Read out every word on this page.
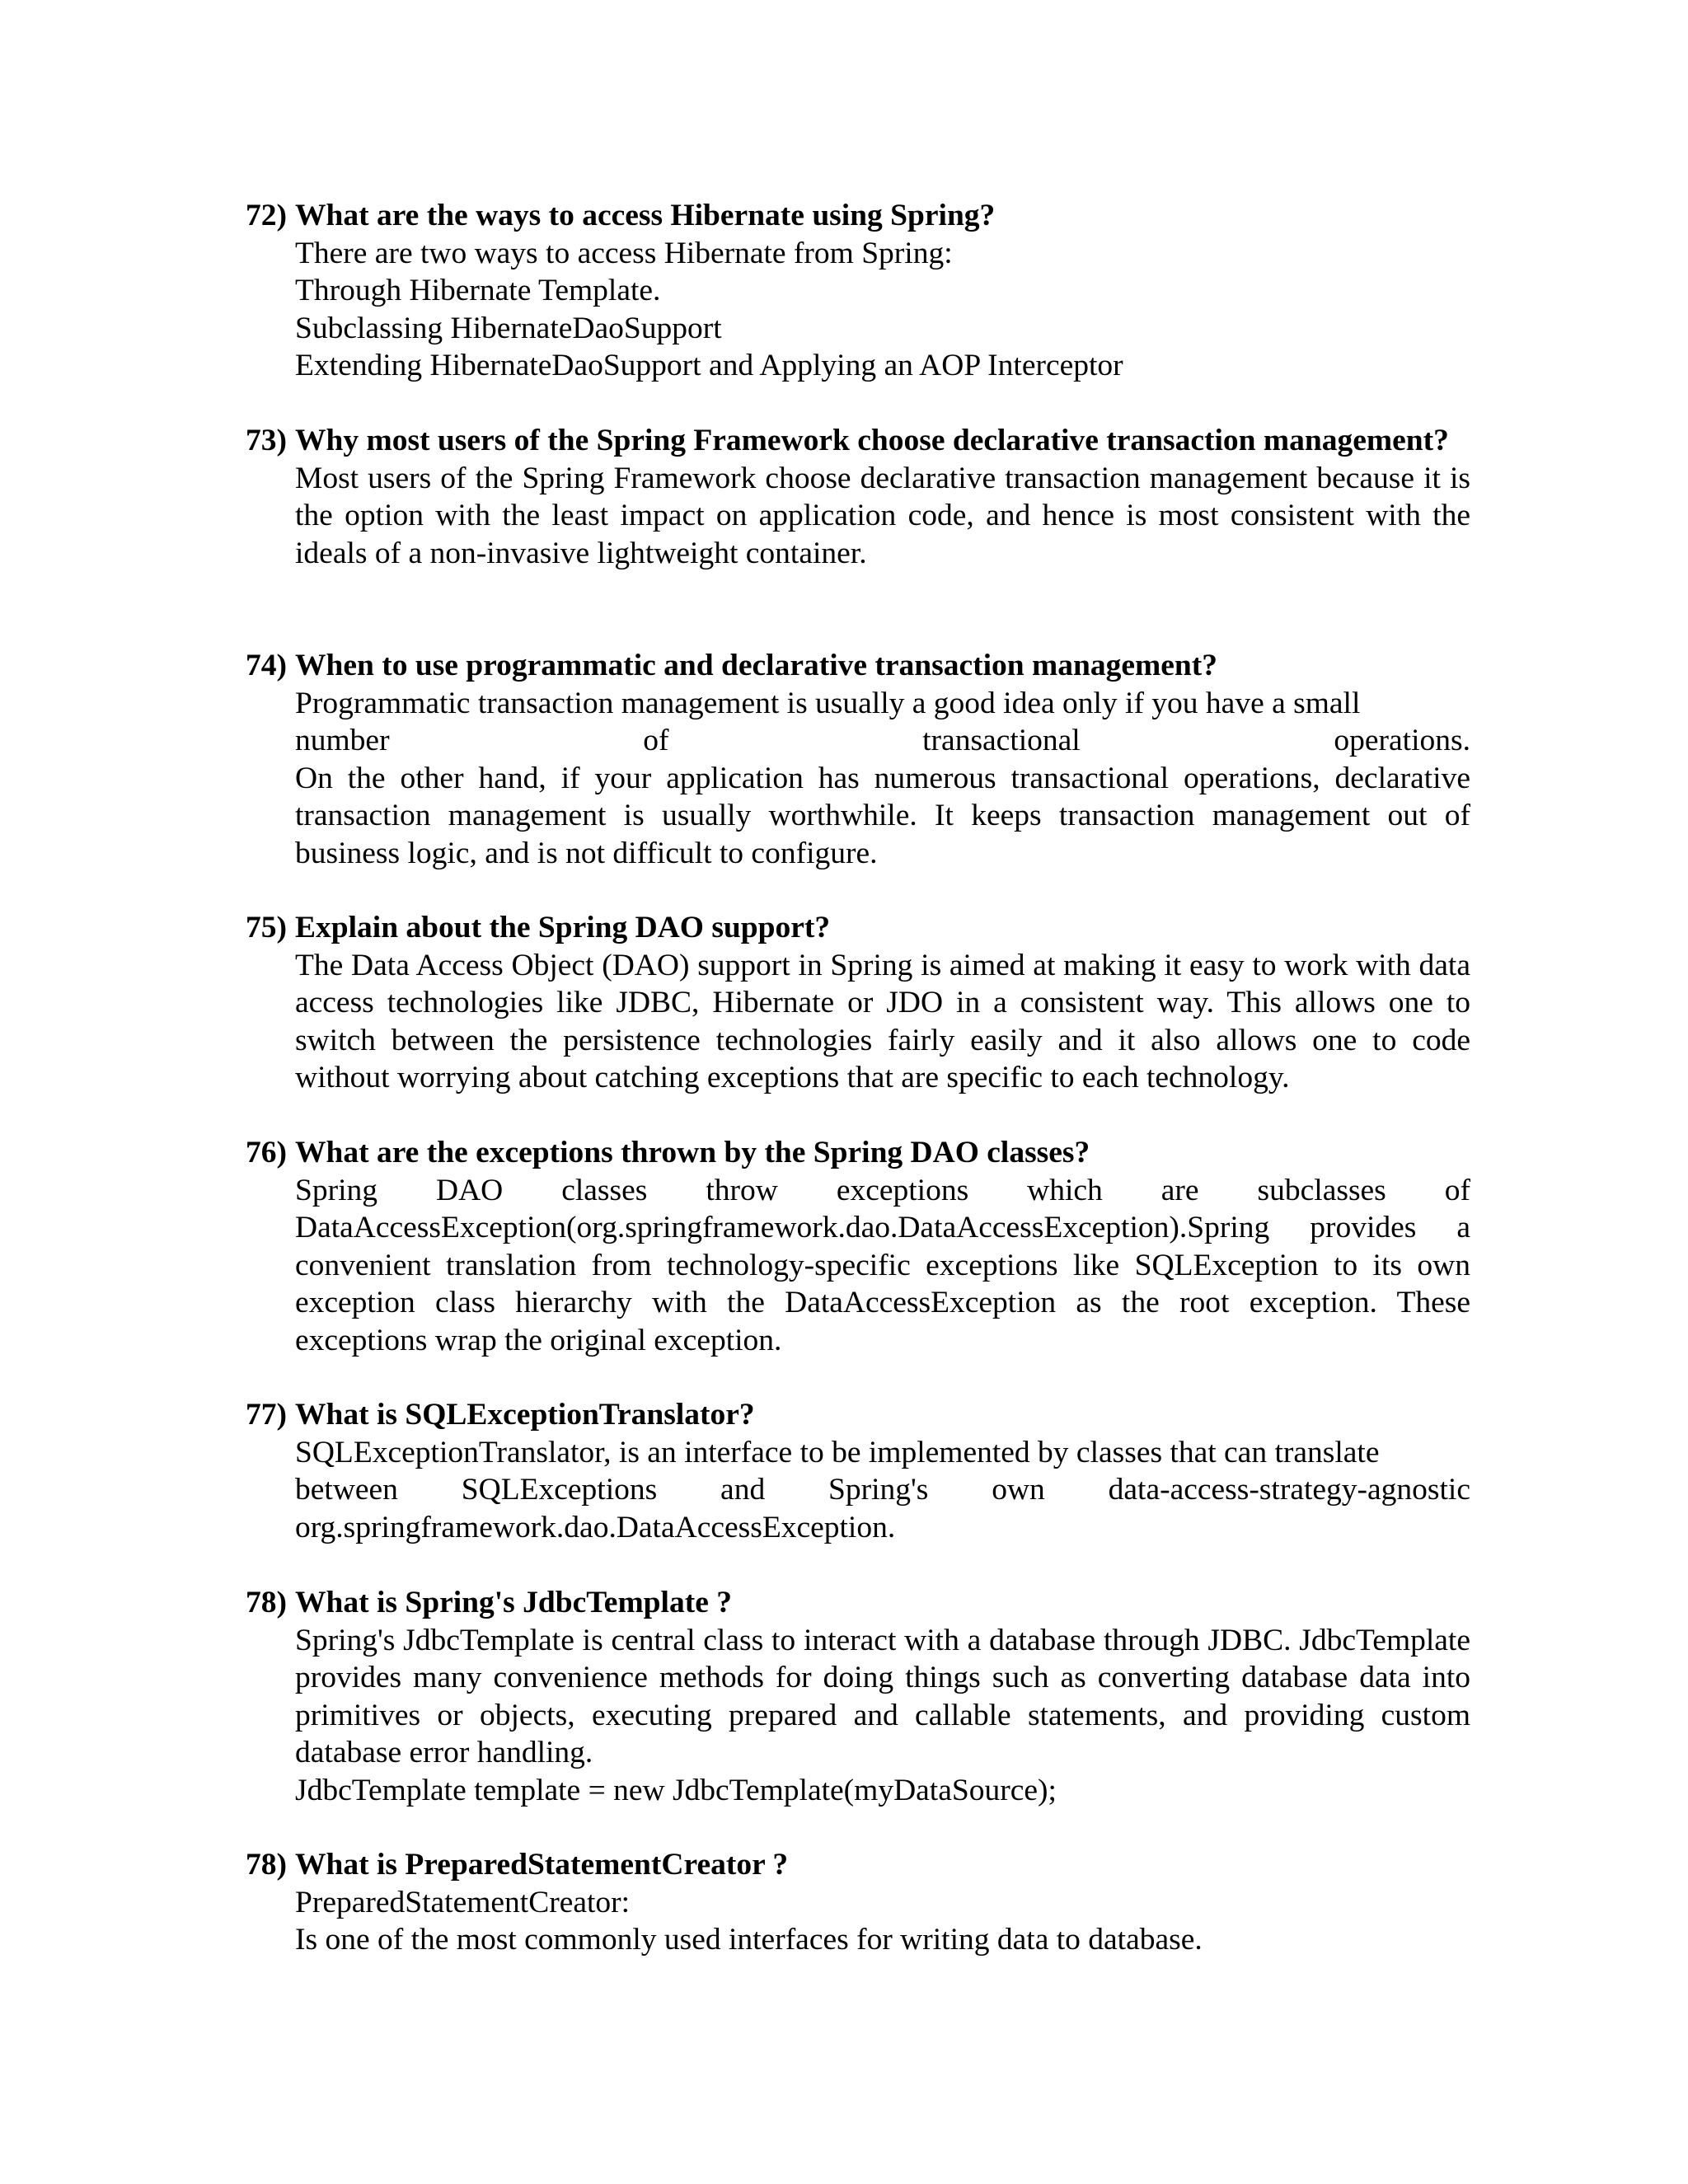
72) What are the ways to access Hibernate using Spring?
There are two ways to access Hibernate from Spring:
Through Hibernate Template.
Subclassing HibernateDaoSupport
Extending HibernateDaoSupport and Applying an AOP Interceptor
73) Why most users of the Spring Framework choose declarative transaction management?
Most users of the Spring Framework choose declarative transaction management because it is the option with the least impact on application code, and hence is most consistent with the ideals of a non-invasive lightweight container.
74) When to use programmatic and declarative transaction management?
Programmatic transaction management is usually a good idea only if you have a small
number of transactional operations.
On the other hand, if your application has numerous transactional operations, declarative transaction management is usually worthwhile. It keeps transaction management out of business logic, and is not difficult to configure.
75) Explain about the Spring DAO support?
The Data Access Object (DAO) support in Spring is aimed at making it easy to work with data access technologies like JDBC, Hibernate or JDO in a consistent way. This allows one to switch between the persistence technologies fairly easily and it also allows one to code without worrying about catching exceptions that are specific to each technology.
76) What are the exceptions thrown by the Spring DAO classes?
Spring DAO classes throw exceptions which are subclasses of
DataAccessException(org.springframework.dao.DataAccessException).Spring provides a convenient translation from technology-specific exceptions like SQLException to its own exception class hierarchy with the DataAccessException as the root exception. These exceptions wrap the original exception.
77) What is SQLExceptionTranslator?
SQLExceptionTranslator, is an interface to be implemented by classes that can translate
between SQLExceptions and Spring's own data-access-strategy-agnostic
org.springframework.dao.DataAccessException.
78) What is Spring's JdbcTemplate ?
Spring's JdbcTemplate is central class to interact with a database through JDBC. JdbcTemplate provides many convenience methods for doing things such as converting database data into primitives or objects, executing prepared and callable statements, and providing custom database error handling.
JdbcTemplate template = new JdbcTemplate(myDataSource);
78) What is PreparedStatementCreator ?
PreparedStatementCreator:
Is one of the most commonly used interfaces for writing data to database.
